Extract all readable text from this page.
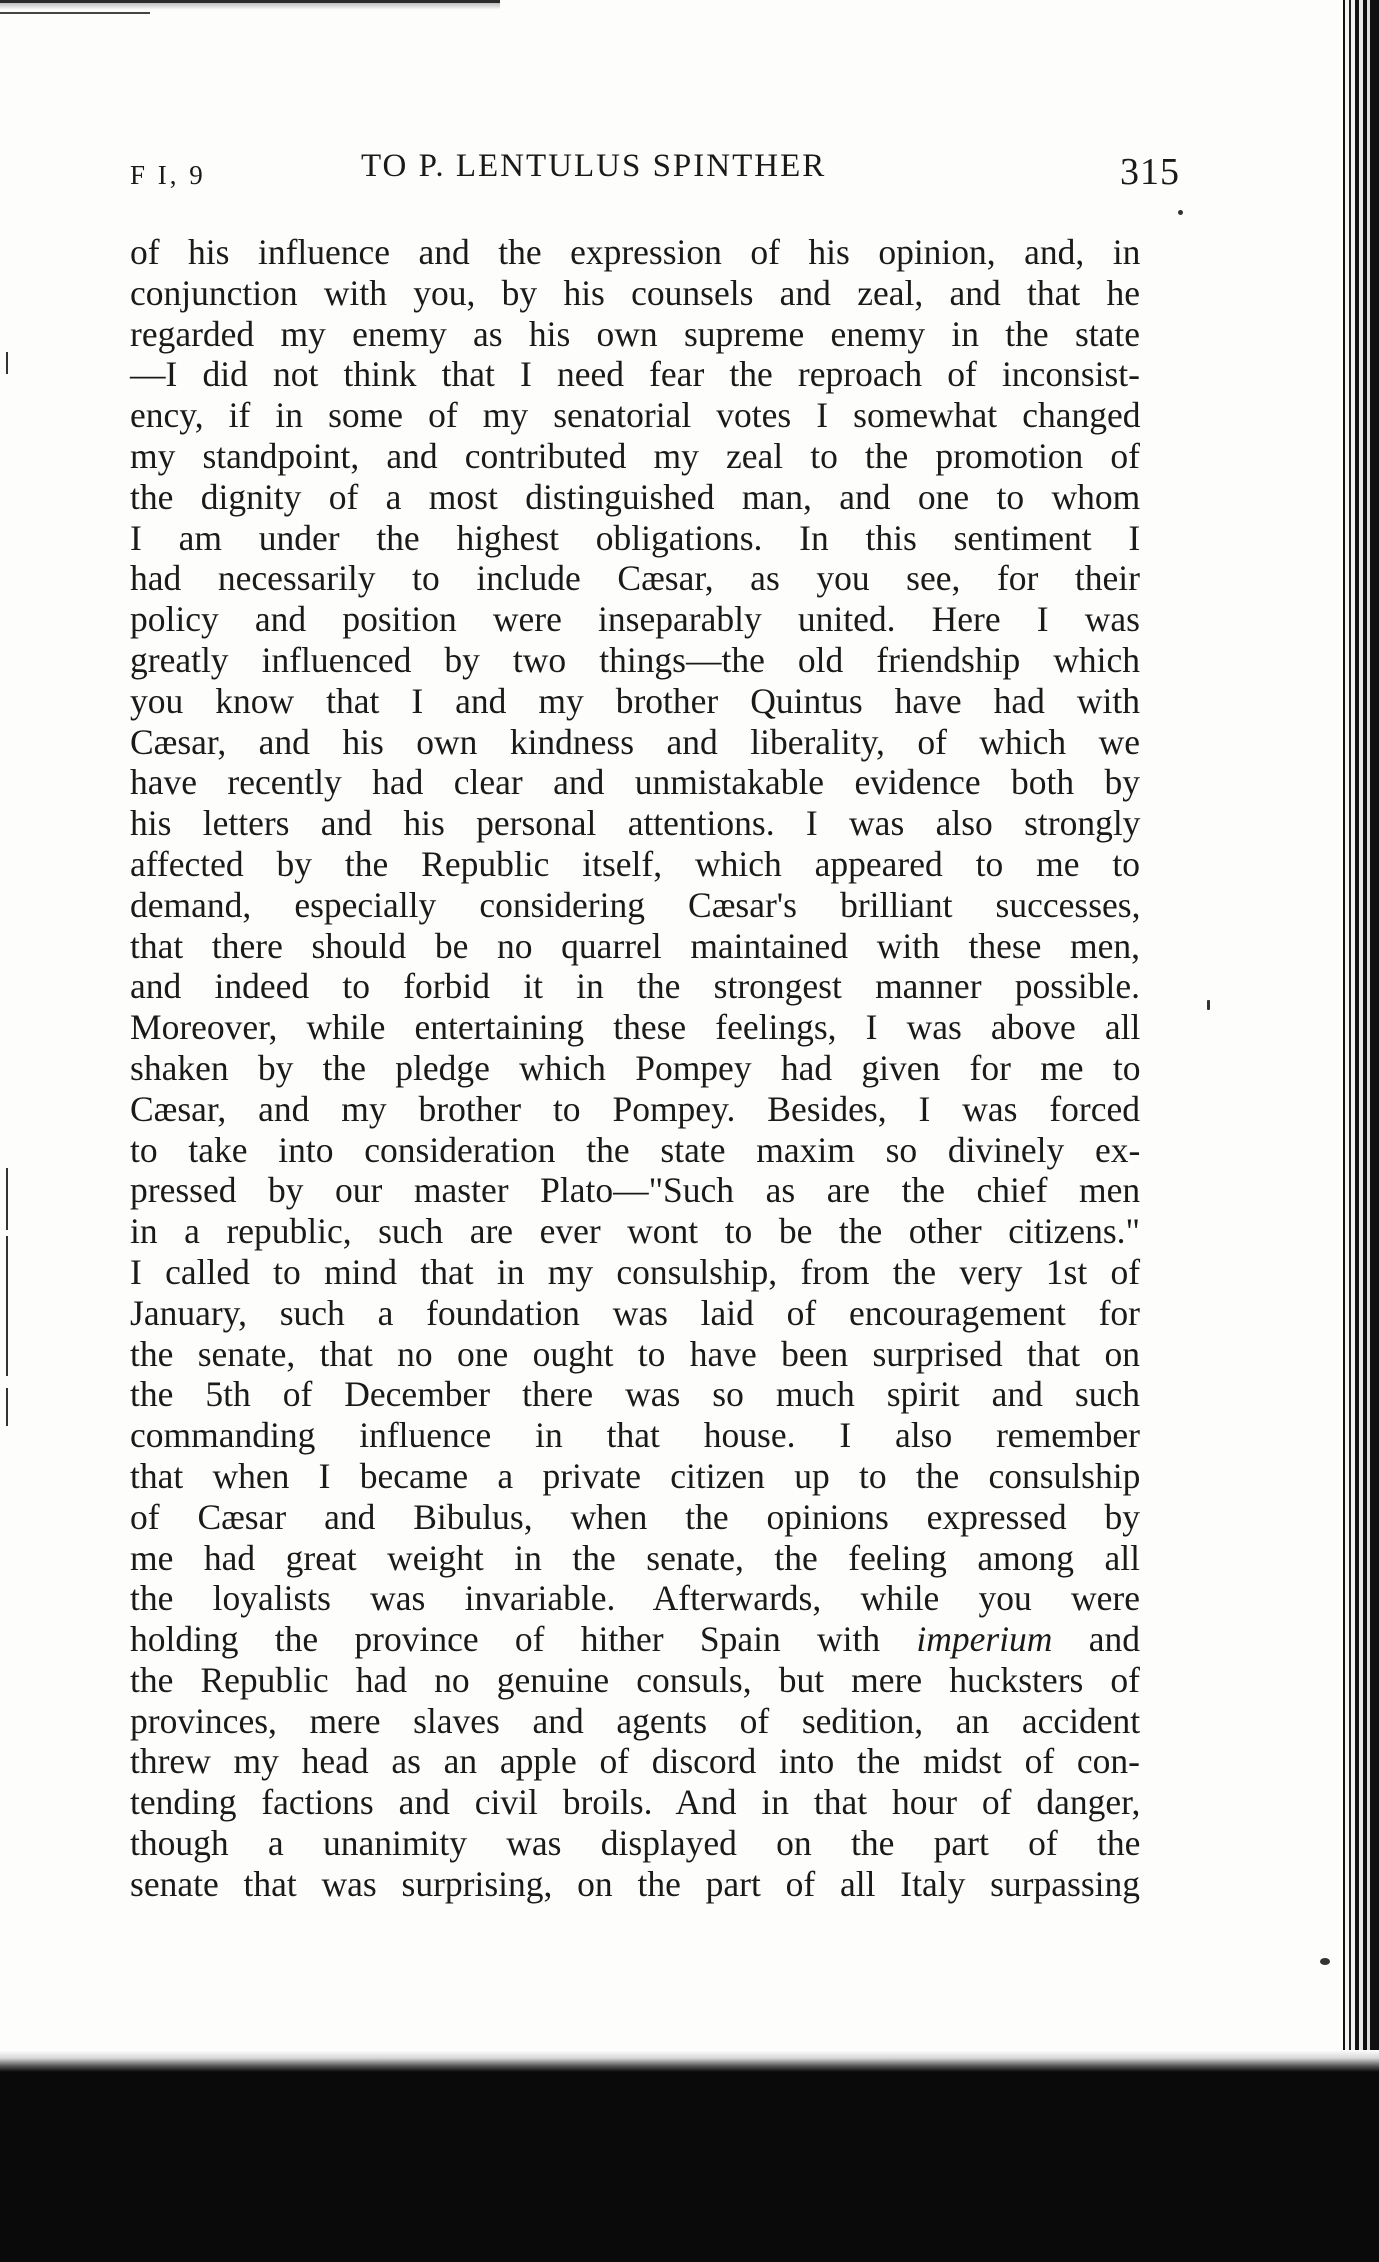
F I, 9	TO P. LENTULUS SPINTHER	315
of his influence and the expression of his opinion, and, in
conjunction with you, by his counsels and zeal, and that he
regarded my enemy as his own supreme enemy in the state
—I did not think that I need fear the reproach of inconsist-
ency, if in some of my senatorial votes I somewhat changed
my standpoint, and contributed my zeal to the promotion of
the dignity of a most distinguished man, and one to whom
I am under the highest obligations. In this sentiment I
had necessarily to include Cæsar, as you see, for their
policy and position were inseparably united. Here I was
greatly influenced by two things—the old friendship which
you know that I and my brother Quintus have had with
Cæsar, and his own kindness and liberality, of which we
have recently had clear and unmistakable evidence both by
his letters and his personal attentions. I was also strongly
affected by the Republic itself, which appeared to me to
demand, especially considering Cæsar's brilliant successes,
that there should be no quarrel maintained with these men,
and indeed to forbid it in the strongest manner possible.
Moreover, while entertaining these feelings, I was above all
shaken by the pledge which Pompey had given for me to
Cæsar, and my brother to Pompey. Besides, I was forced
to take into consideration the state maxim so divinely ex-
pressed by our master Plato—"Such as are the chief men
in a republic, such are ever wont to be the other citizens."
I called to mind that in my consulship, from the very 1st of
January, such a foundation was laid of encouragement for
the senate, that no one ought to have been surprised that on
the 5th of December there was so much spirit and such
commanding influence in that house. I also remember
that when I became a private citizen up to the consulship
of Cæsar and Bibulus, when the opinions expressed by
me had great weight in the senate, the feeling among all
the loyalists was invariable. Afterwards, while you were
holding the province of hither Spain with imperium and
the Republic had no genuine consuls, but mere hucksters of
provinces, mere slaves and agents of sedition, an accident
threw my head as an apple of discord into the midst of con-
tending factions and civil broils. And in that hour of danger,
though a unanimity was displayed on the part of the
senate that was surprising, on the part of all Italy surpassing
